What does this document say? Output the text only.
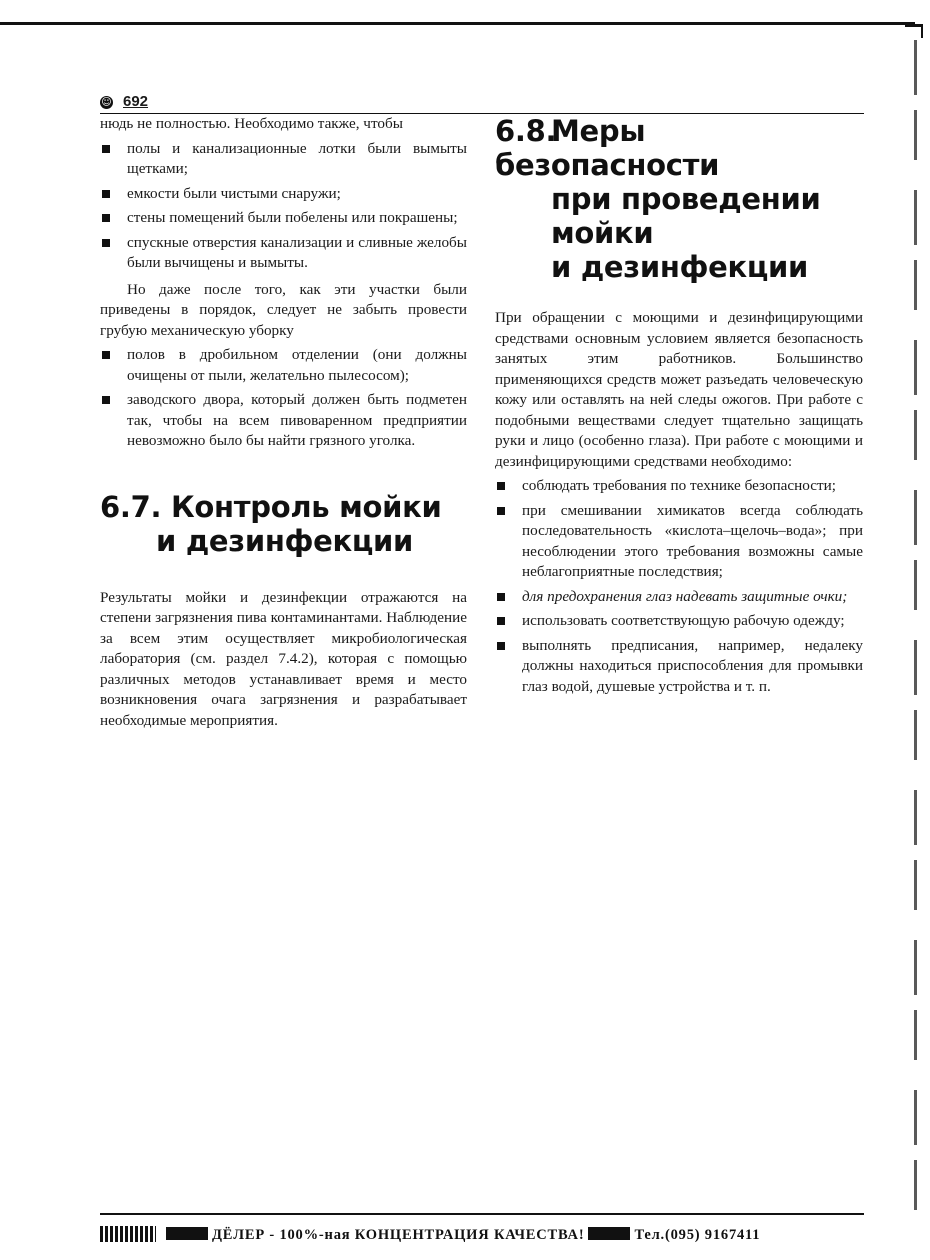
☺ 692

нюдь не полностью. Необходимо также, чтобы

полы и канализационные лотки были вымыты щетками;
емкости были чистыми снаружи;
стены помещений были побелены или покрашены;
спускные отверстия канализации и сливные желобы были вычищены и вымыты.

Но даже после того, как эти участки были приведены в порядок, следует не забыть провести грубую механическую уборку

полов в дробильном отделении (они должны очищены от пыли, желательно пылесосом);
заводского двора, который должен быть подметен так, чтобы на всем пивоваренном предприятии невозможно было бы найти грязного уголка.
6.7. Контроль мойки
и дезинфекции

Результаты мойки и дезинфекции отражаются на степени загрязнения пива контаминантами. Наблюдение за всем этим осуществляет микробиологическая лаборатория (см. раздел 7.4.2), которая с помощью различных методов устанавливает время и место возникновения очага загрязнения и разрабатывает необходимые мероприятия.

6.8.Меры безопасности
при проведении
мойки
и дезинфекции

При обращении с моющими и дезинфицирующими средствами основным условием является безопасность занятых этим работников. Большинство применяющихся средств может разъедать человеческую кожу или оставлять на ней следы ожогов. При работе с подобными веществами следует тщательно защищать руки и лицо (особенно глаза). При работе с моющими и дезинфицирующими средствами необходимо:

соблюдать требования по технике безопасности;
при смешивании химикатов всегда соблюдать последовательность «кислота–щелочь–вода»; при несоблюдении этого требования возможны самые неблагоприятные последствия;
для предохранения глаз надевать защитные очки;
использовать соответствующую рабочую одежду;
выполнять предписания, например, недалеку должны находиться приспособления для промывки глаз водой, душевые устройства и т. п.
ДЁЛЕР - 100%-ная КОНЦЕНТРАЦИЯ КАЧЕСТВА!	Тел.(095) 9167411
